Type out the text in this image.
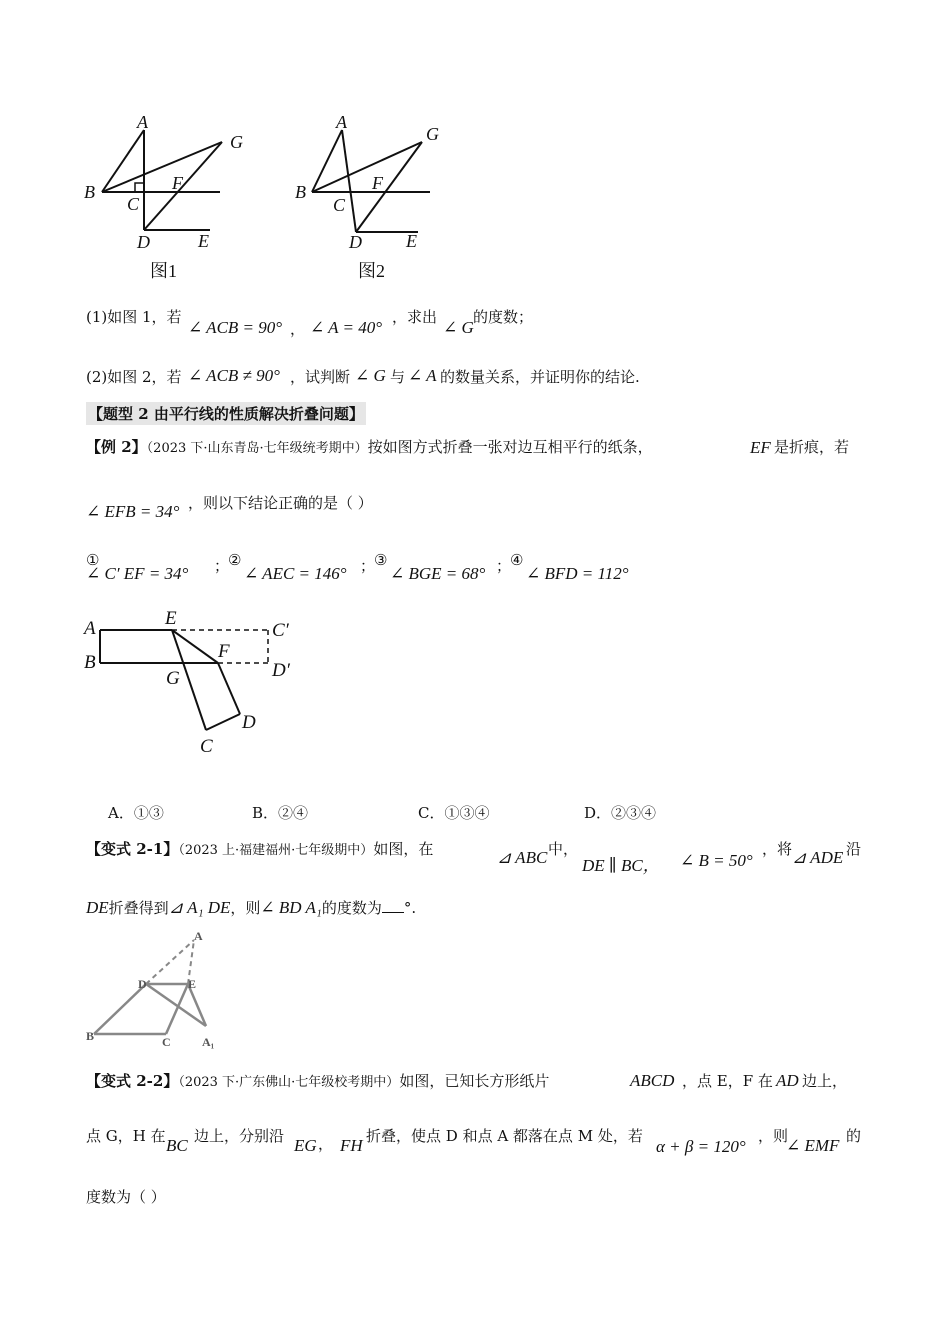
A
G
B
C
F
D	E
图1
A
G
B
C
F
D E
图2
(1)如图 1，若
∠ ACB = 90° ， ∠ A = 40°
，求出
∠ G
的度数；
(2)如图 2，若 ∠ ACB ≠ 90° ，试判断 ∠ G 与 ∠ A 的数量关系，并证明你的结论.
【题型 2 由平行线的性质解决折叠问题】
【例 2】（2023 下·山东青岛·七年级统考期中）按如图方式折叠一张对边互相平行的纸条，	EF 是折痕，若
∠ EFB = 34° ，则以下结论正确的是（ ）
①
∠ C′ EF = 34° ；
②
∠ AEC = 146° ；
③
∠ BGE = 68° ；
④
∠ BFD = 112°
A
B
E
C′
F
D′
G
D
C
A．①③	B．②④	C．①③④	D．②③④
【变式 2-1】（2023 上·福建福州·七年级期中）如图，在	⊿ ABC 中，
DE ∥ BC， ∠ B = 50°
，将 ⊿ ADE 沿
DE折叠得到⊿ A₁ DE，则∠ BD A₁的度数为 °.
A
D	E
B	C	A₁
【变式 2-2】（2023 下·广东佛山·七年级校考期中）如图，已知长方形纸片	ABCD ，点 E，F 在 AD 边上，
点 G，H 在 BC 边上，分别沿 EG ， FH 折叠，使点 D 和点 A 都落在点 M 处，若
α + β = 120°
，则
∠ EMF 的
度数为（ ）
